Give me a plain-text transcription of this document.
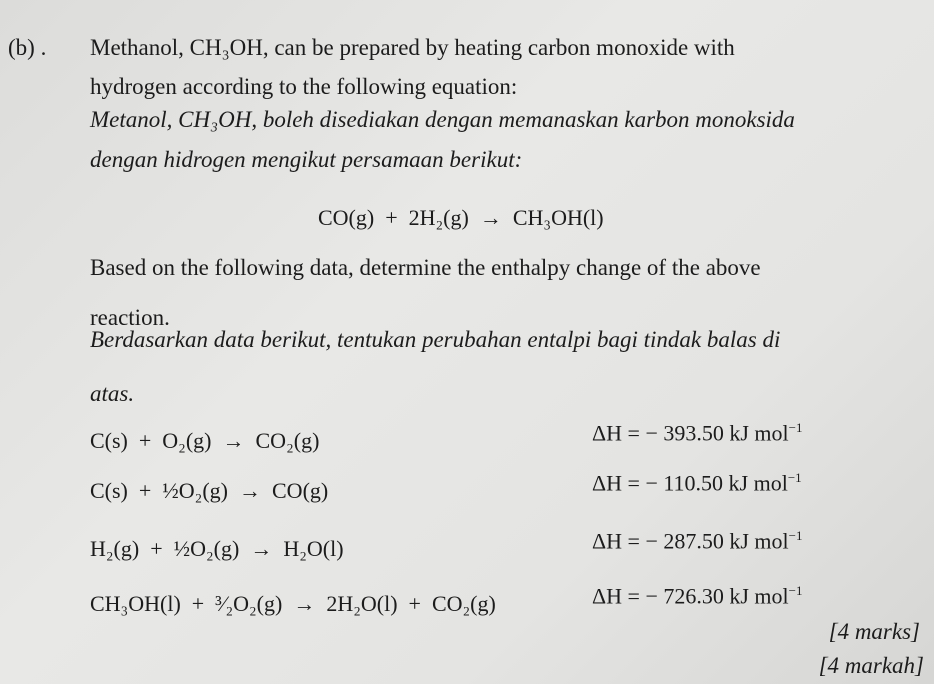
(b) . Methanol, CH₃OH, can be prepared by heating carbon monoxide with
hydrogen according to the following equation:
Metanol, CH₃OH, boleh disediakan dengan memanaskan karbon monoksida
dengan hidrogen mengikut persamaan berikut:
CO(g)  +  2H₂(g)  →  CH₃OH(l)
Based on the following data, determine the enthalpy change of the above
reaction.
Berdasarkan data berikut, tentukan perubahan entalpi bagi tindak balas di
atas.
C(s)  +  O₂(g)  →  CO₂(g)	ΔH = − 393.50 kJ mol$^{-1}$
C(s)  +  ½O₂(g)  →  CO(g)	ΔH = − 110.50 kJ mol$^{-1}$
H₂(g)  +  ½O₂(g)  →  H₂O(l)	ΔH = − 287.50 kJ mol$^{-1}$
CH₃OH(l)  +  ³⁄₂O₂(g)  →  2H₂O(l)  +  CO₂(g)	ΔH = − 726.30 kJ mol$^{-1}$
[4 marks]
[4 markah]
